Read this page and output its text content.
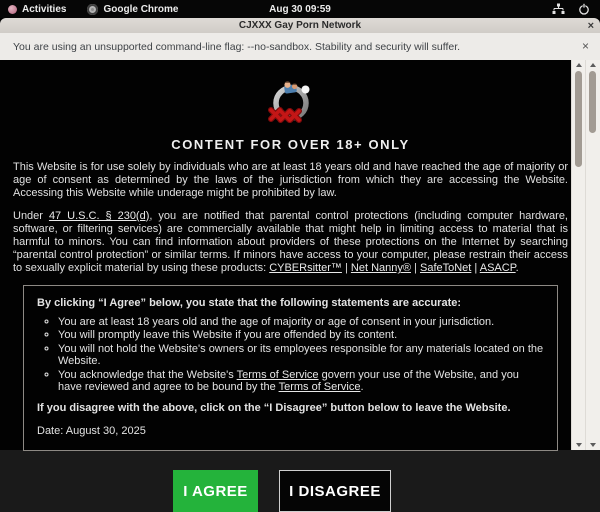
Activities	Google Chrome	Aug 30 09:59
CJXXX Gay Porn Network	×
You are using an unsupported command-line flag: --no-sandbox. Stability and security will suffer.	×
CONTENT FOR OVER 18+ ONLY

This Website is for use solely by individuals who are at least 18 years old and have reached the age of majority or age of consent as determined by the laws of the jurisdiction from which they are accessing the Website. Accessing this Website while underage might be prohibited by law.

Under 47 U.S.C. § 230(d), you are notified that parental control protections (including computer hardware, software, or filtering services) are commercially available that might help in limiting access to material that is harmful to minors. You can find information about providers of these protections on the Internet by searching “parental control protection” or similar terms. If minors have access to your computer, please restrain their access to sexually explicit material by using these products: CYBERsitter™ | Net Nanny® | SafeToNet | ASACP.

By clicking “I Agree” below, you state that the following statements are accurate:

◦ You are at least 18 years old and the age of majority or age of consent in your jurisdiction.
◦ You will promptly leave this Website if you are offended by its content.
◦ You will not hold the Website's owners or its employees responsible for any materials located on the Website.
◦ You acknowledge that the Website's Terms of Service govern your use of the Website, and you have reviewed and agree to be bound by the Terms of Service.

If you disagree with the above, click on the “I Disagree” button below to leave the Website.

Date: August 30, 2025

I AGREE	I DISAGREE
